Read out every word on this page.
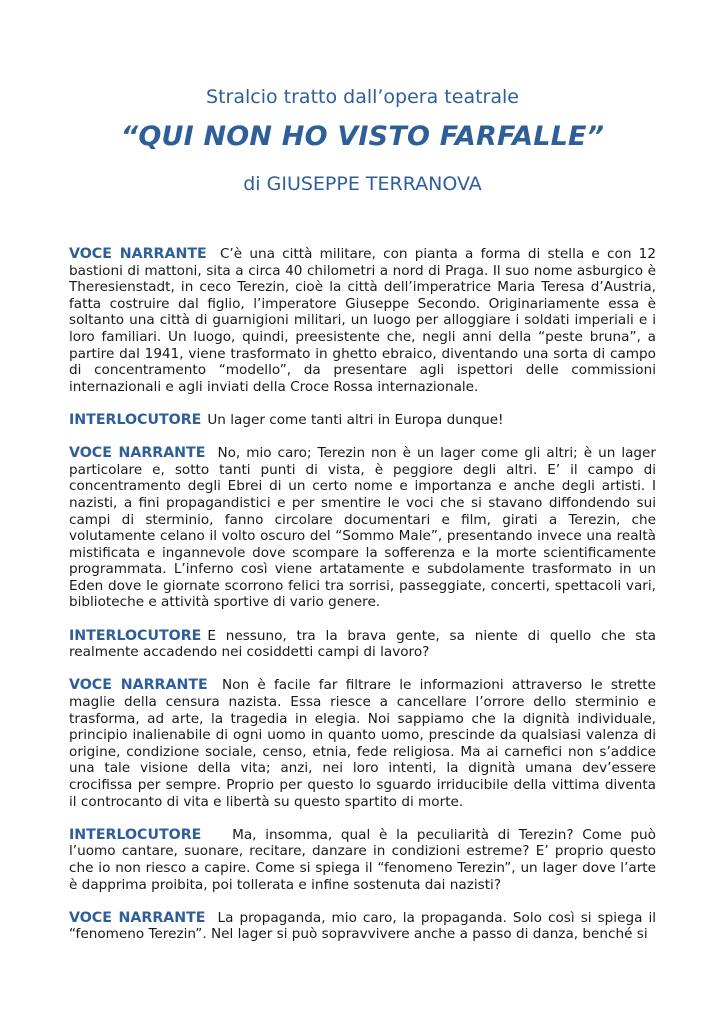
Stralcio tratto dall’opera teatrale
“QUI NON HO VISTO FARFALLE”
di GIUSEPPE TERRANOVA

VOCE NARRANTE C’è una città militare, con pianta a forma di stella e con 12 bastioni di mattoni, sita a circa 40 chilometri a nord di Praga. Il suo nome asburgico è Theresienstadt, in ceco Terezin, cioè la città dell’imperatrice Maria Teresa d’Austria, fatta costruire dal figlio, l’imperatore Giuseppe Secondo. Originariamente essa è soltanto una città di guarnigioni militari, un luogo per alloggiare i soldati imperiali e i loro familiari. Un luogo, quindi, preesistente che, negli anni della “peste bruna”, a partire dal 1941, viene trasformato in ghetto ebraico, diventando una sorta di campo di concentramento “modello”, da presentare agli ispettori delle commissioni internazionali e agli inviati della Croce Rossa internazionale.

INTERLOCUTORE Un lager come tanti altri in Europa dunque!

VOCE NARRANTE No, mio caro; Terezin non è un lager come gli altri; è un lager particolare e, sotto tanti punti di vista, è peggiore degli altri. E’ il campo di concentramento degli Ebrei di un certo nome e importanza e anche degli artisti. I nazisti, a fini propagandistici e per smentire le voci che si stavano diffondendo sui campi di sterminio, fanno circolare documentari e film, girati a Terezin, che volutamente celano il volto oscuro del “Sommo Male”, presentando invece una realtà mistificata e ingannevole dove scompare la sofferenza e la morte scientificamente programmata. L’inferno così viene artatamente e subdolamente trasformato in un Eden dove le giornate scorrono felici tra sorrisi, passeggiate, concerti, spettacoli vari, biblioteche e attività sportive di vario genere.

INTERLOCUTORE E nessuno, tra la brava gente, sa niente di quello che sta realmente accadendo nei cosiddetti campi di lavoro?

VOCE NARRANTE Non è facile far filtrare le informazioni attraverso le strette maglie della censura nazista. Essa riesce a cancellare l’orrore dello sterminio e trasforma, ad arte, la tragedia in elegia. Noi sappiamo che la dignità individuale, principio inalienabile di ogni uomo in quanto uomo, prescinde da qualsiasi valenza di origine, condizione sociale, censo, etnia, fede religiosa. Ma ai carnefici non s’addice una tale visione della vita; anzi, nei loro intenti, la dignità umana dev’essere crocifissa per sempre. Proprio per questo lo sguardo irriducibile della vittima diventa il controcanto di vita e libertà su questo spartito di morte.

INTERLOCUTORE Ma, insomma, qual è la peculiarità di Terezin? Come può l’uomo cantare, suonare, recitare, danzare in condizioni estreme? E’ proprio questo che io non riesco a capire. Come si spiega il “fenomeno Terezin”, un lager dove l’arte è dapprima proibita, poi tollerata e infine sostenuta dai nazisti?

VOCE NARRANTE La propaganda, mio caro, la propaganda. Solo così si spiega il “fenomeno Terezin”. Nel lager si può sopravvivere anche a passo di danza, benché si
